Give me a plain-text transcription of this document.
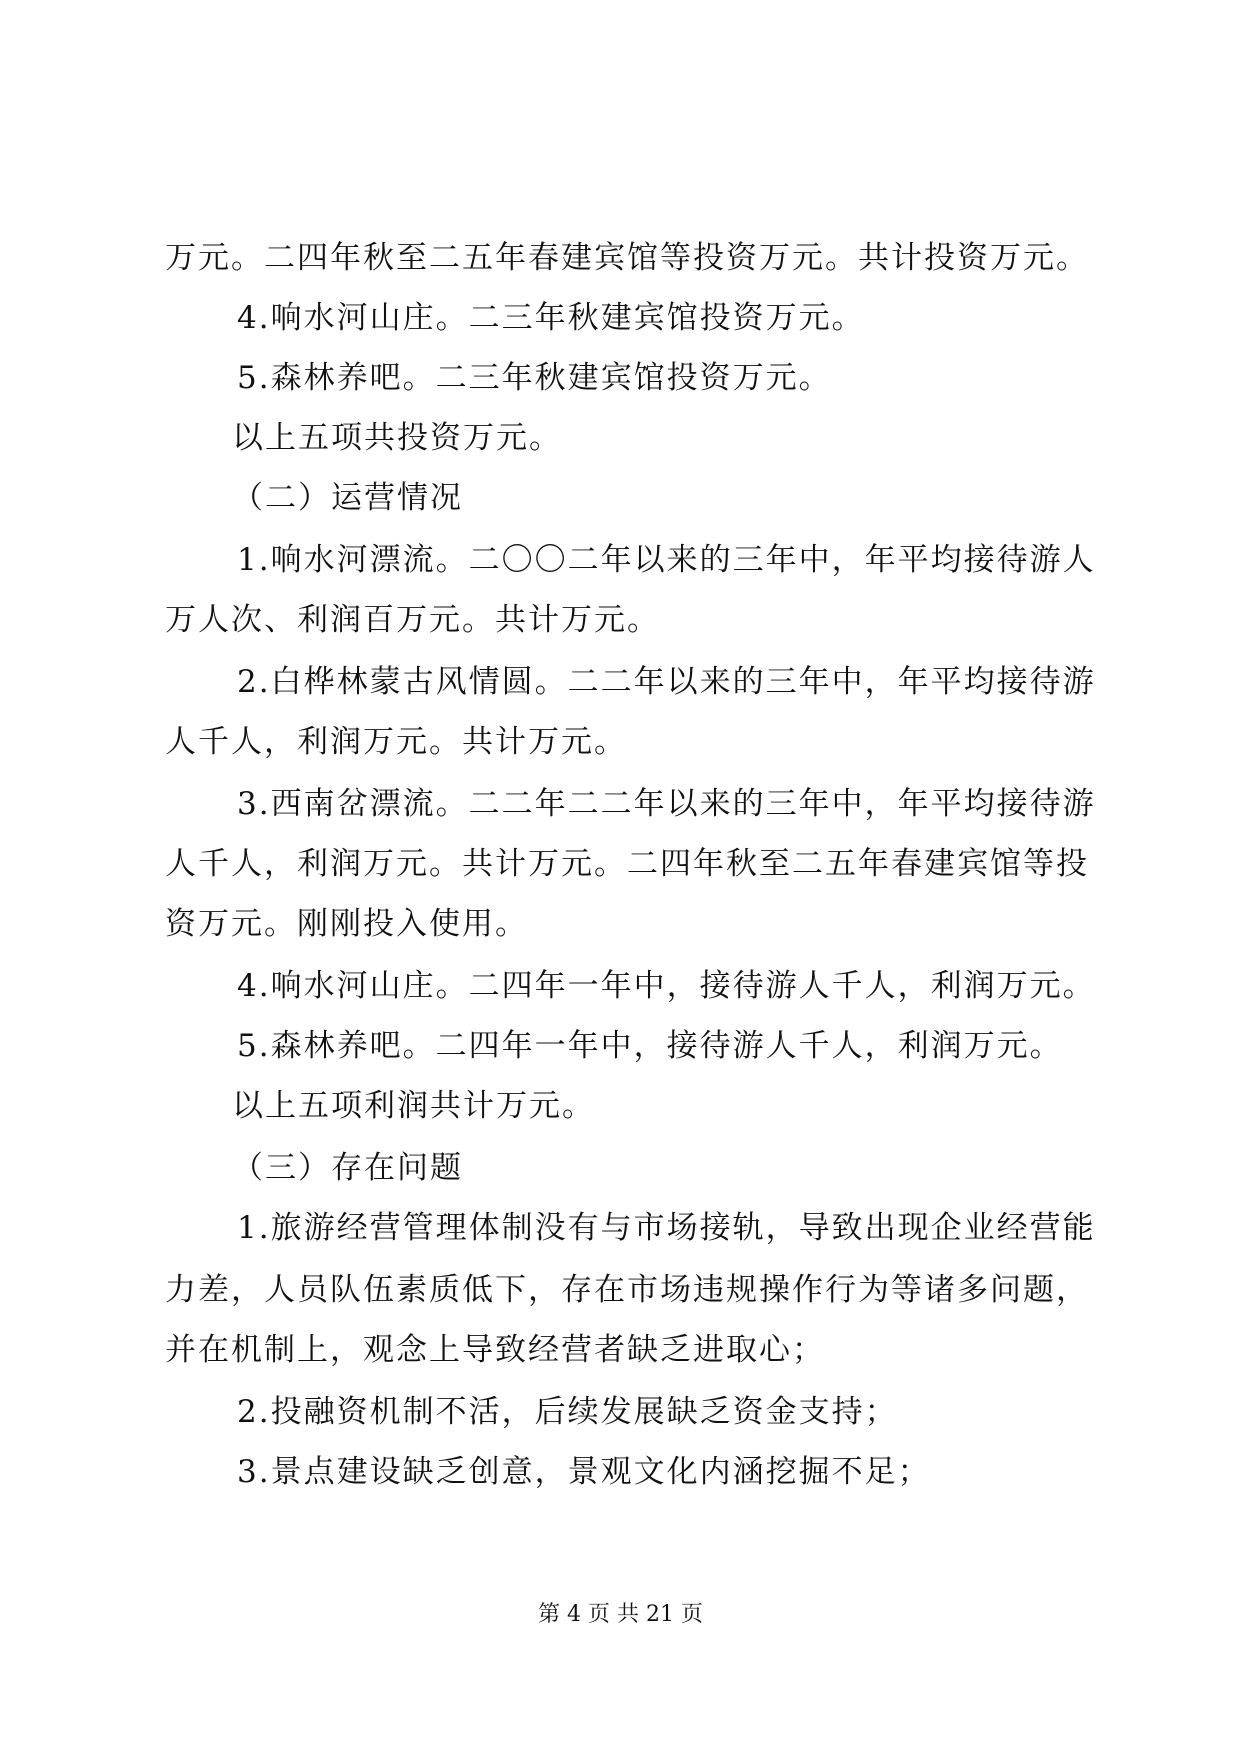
万元。二四年秋至二五年春建宾馆等投资万元。共计投资万元。
4.响水河山庄。二三年秋建宾馆投资万元。
5.森林养吧。二三年秋建宾馆投资万元。
以上五项共投资万元。
（二）运营情况
1.响水河漂流。二〇〇二年以来的三年中，年平均接待游人
万人次、利润百万元。共计万元。
2.白桦林蒙古风情圆。二二年以来的三年中，年平均接待游
人千人，利润万元。共计万元。
3.西南岔漂流。二二年二二年以来的三年中，年平均接待游
人千人，利润万元。共计万元。二四年秋至二五年春建宾馆等投
资万元。刚刚投入使用。
4.响水河山庄。二四年一年中，接待游人千人，利润万元。
5.森林养吧。二四年一年中，接待游人千人，利润万元。
以上五项利润共计万元。
（三）存在问题
1.旅游经营管理体制没有与市场接轨，导致出现企业经营能
力差，人员队伍素质低下，存在市场违规操作行为等诸多问题，
并在机制上，观念上导致经营者缺乏进取心；
2.投融资机制不活，后续发展缺乏资金支持；
3.景点建设缺乏创意，景观文化内涵挖掘不足；
第 4 页 共 21 页
